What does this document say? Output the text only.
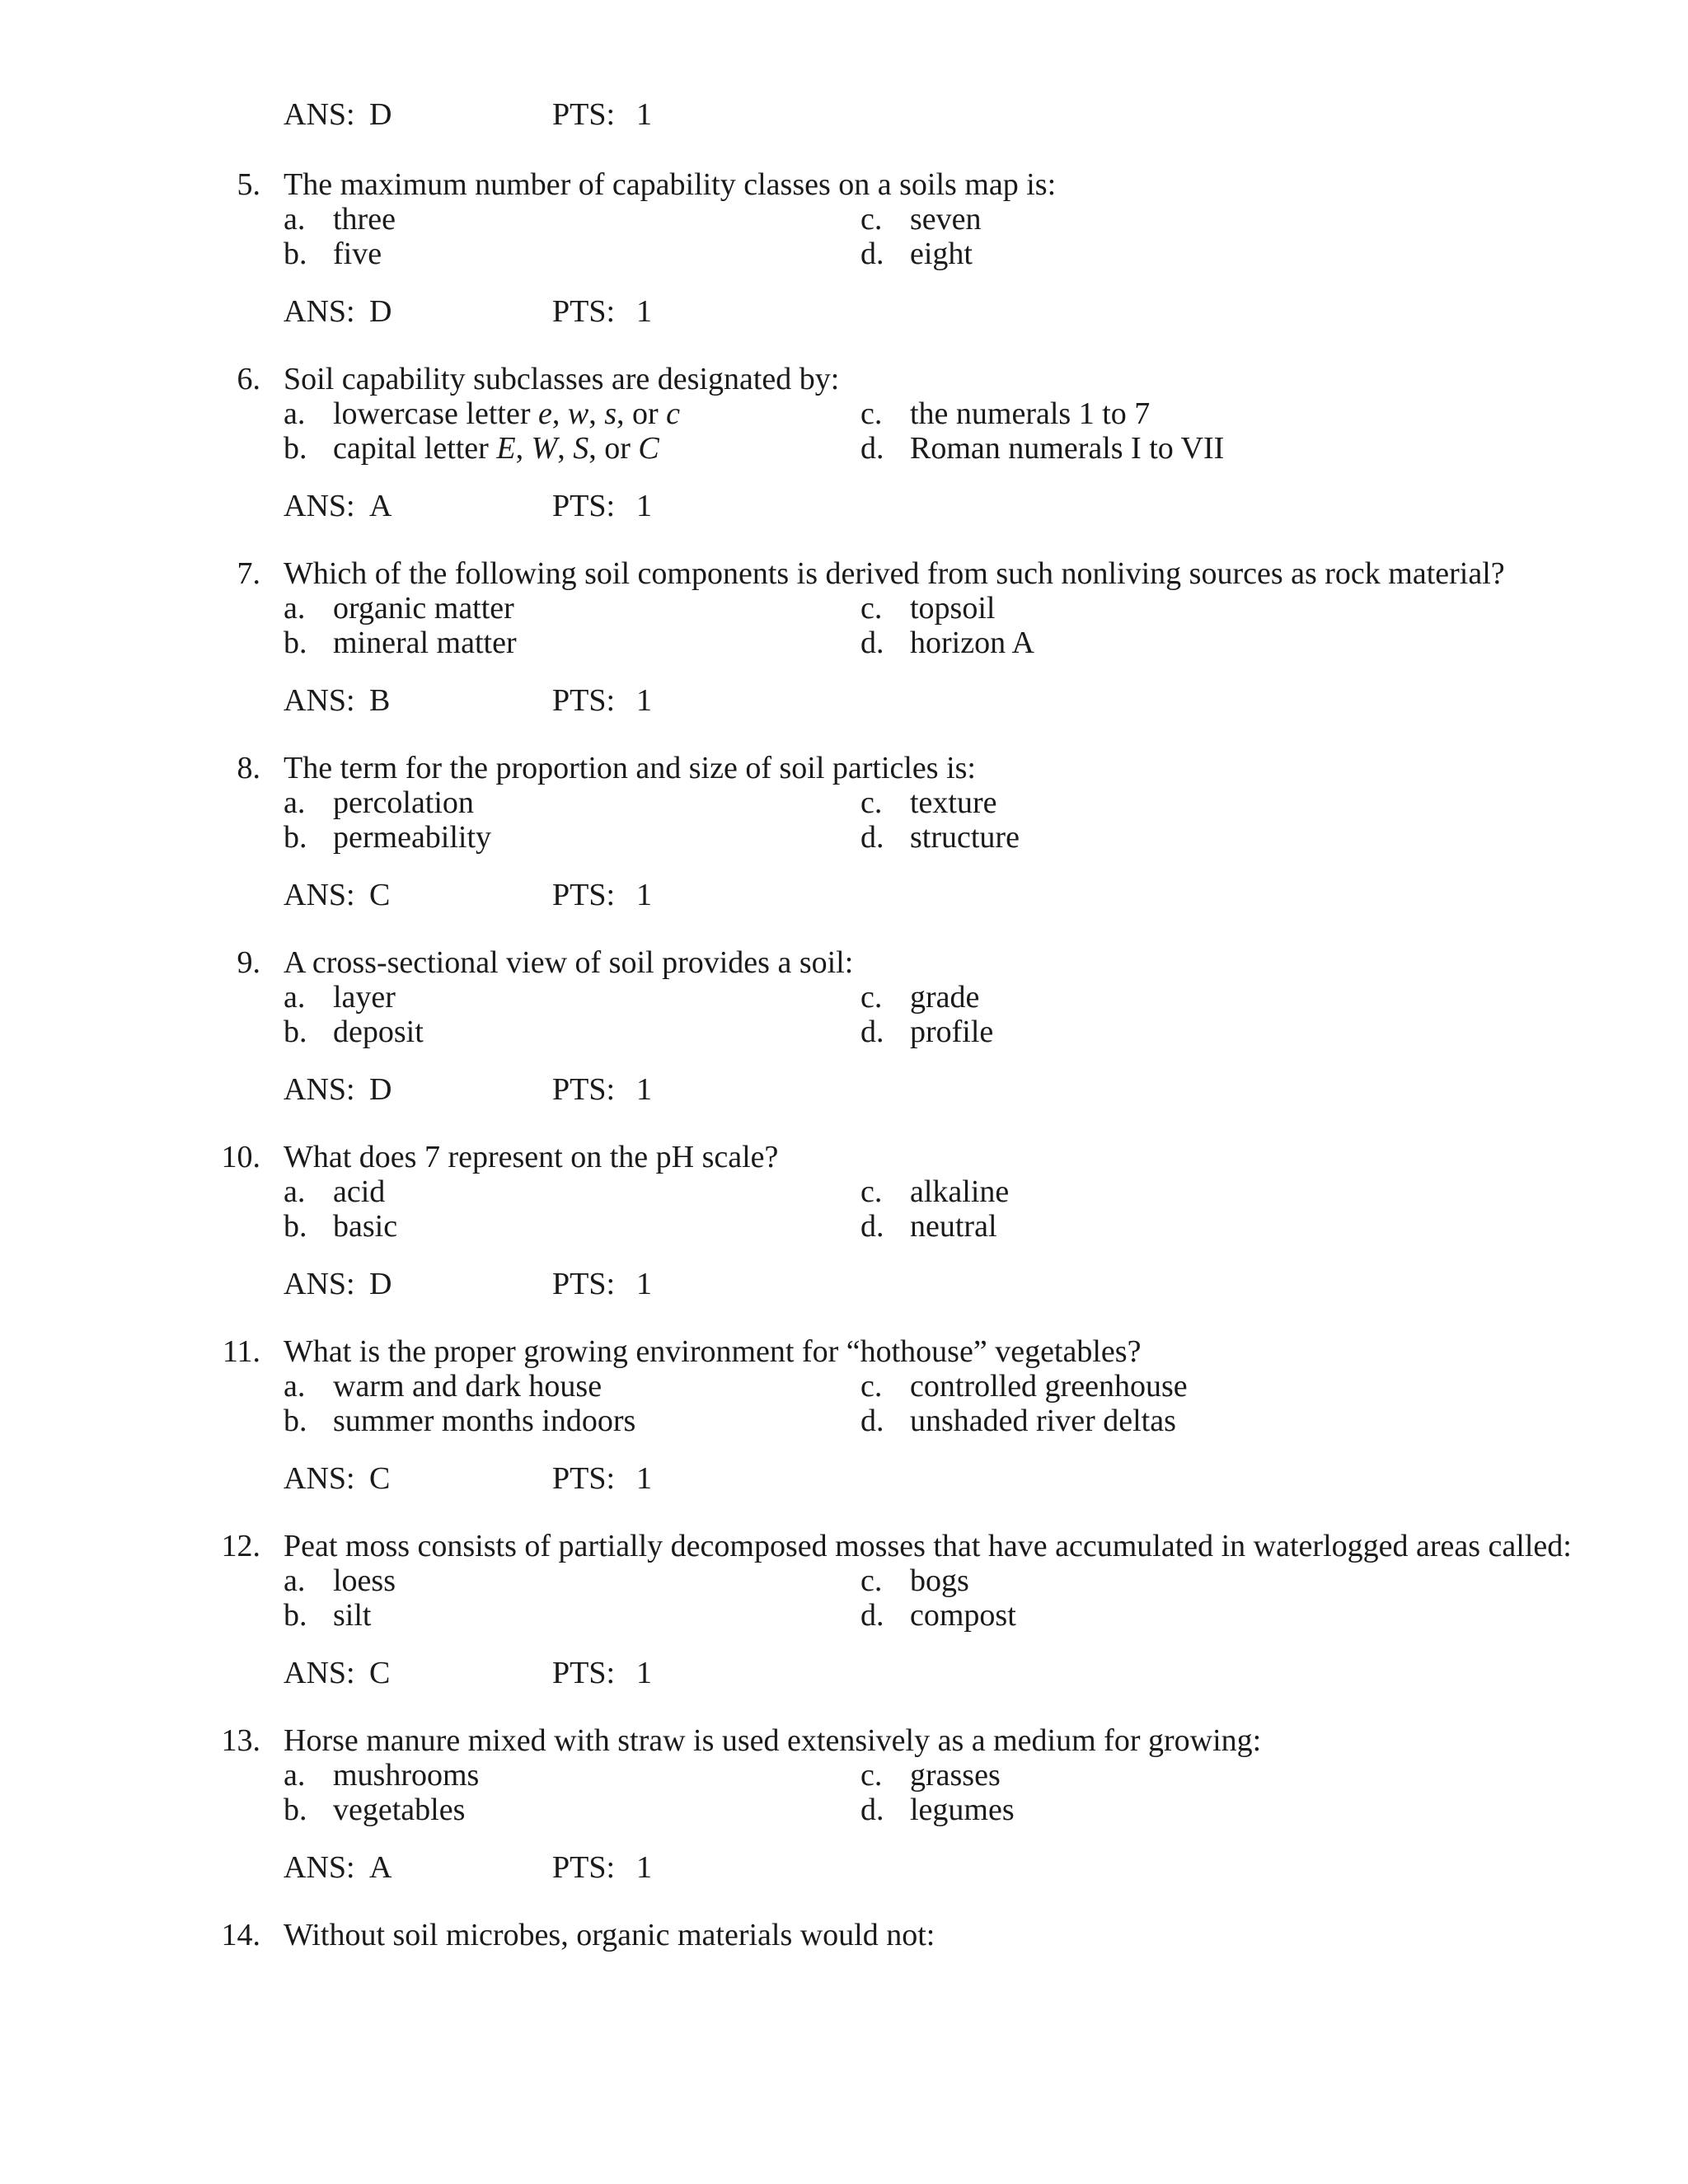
ANS: D	PTS: 1
5. The maximum number of capability classes on a soils map is:
a. three
b. five
c. seven
d. eight
ANS: D	PTS: 1
6. Soil capability subclasses are designated by:
a. lowercase letter e, w, s, or c
b. capital letter E, W, S, or C
c. the numerals 1 to 7
d. Roman numerals I to VII
ANS: A	PTS: 1
7. Which of the following soil components is derived from such nonliving sources as rock material?
a. organic matter
b. mineral matter
c. topsoil
d. horizon A
ANS: B	PTS: 1
8. The term for the proportion and size of soil particles is:
a. percolation
b. permeability
c. texture
d. structure
ANS: C	PTS: 1
9. A cross-sectional view of soil provides a soil:
a. layer
b. deposit
c. grade
d. profile
ANS: D	PTS: 1
10. What does 7 represent on the pH scale?
a. acid
b. basic
c. alkaline
d. neutral
ANS: D	PTS: 1
11. What is the proper growing environment for “hothouse” vegetables?
a. warm and dark house
b. summer months indoors
c. controlled greenhouse
d. unshaded river deltas
ANS: C	PTS: 1
12. Peat moss consists of partially decomposed mosses that have accumulated in waterlogged areas called:
a. loess
b. silt
c. bogs
d. compost
ANS: C	PTS: 1
13. Horse manure mixed with straw is used extensively as a medium for growing:
a. mushrooms
b. vegetables
c. grasses
d. legumes
ANS: A	PTS: 1
14. Without soil microbes, organic materials would not:
